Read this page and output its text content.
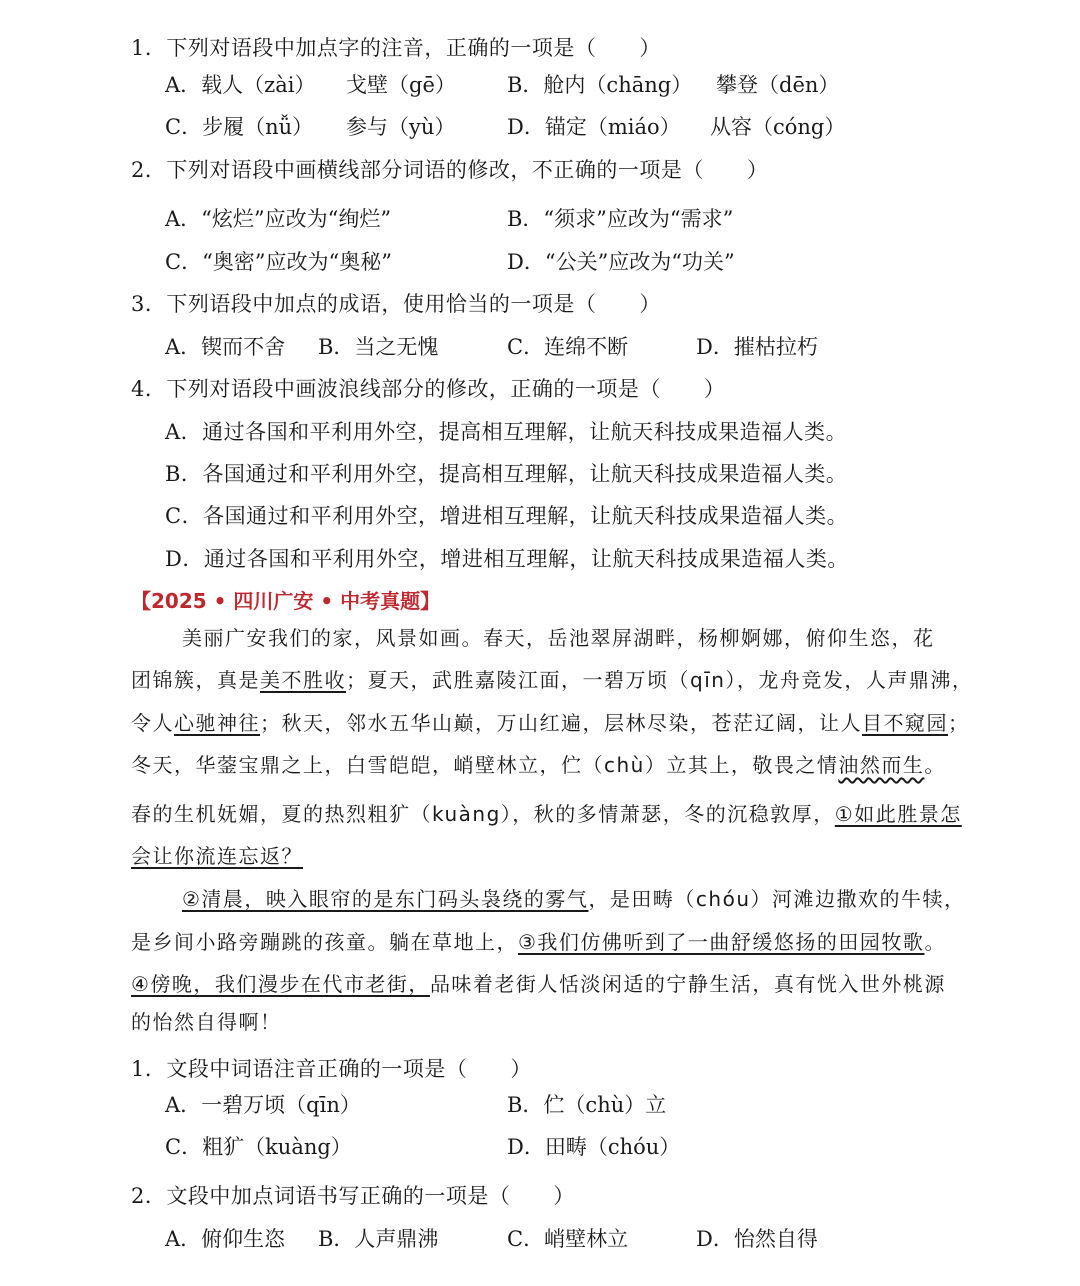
1．下列对语段中加点字的注音，正确的一项是（　　）
A．载人（zài） 戈壁（gē） B．舱内（chāng） 攀登（dēn）
C．步履（nǚ） 参与（yù） D．锚定（miáo） 从容（cóng）
2．下列对语段中画横线部分词语的修改，不正确的一项是（　　）
A．“炫烂”应改为“绚烂”	B．“须求”应改为“需求”
C．“奥密”应改为“奥秘”	D．“公关”应改为“功关”
3．下列语段中加点的成语，使用恰当的一项是（　　）
A．锲而不舍 B．当之无愧	C．连绵不断	D．摧枯拉朽
4．下列对语段中画波浪线部分的修改，正确的一项是（　　）
A．通过各国和平利用外空，提高相互理解，让航天科技成果造福人类。
B．各国通过和平利用外空，提高相互理解，让航天科技成果造福人类。
C．各国通过和平利用外空，增进相互理解，让航天科技成果造福人类。
D．通过各国和平利用外空，增进相互理解，让航天科技成果造福人类。
【2025 • 四川广安 • 中考真题】
美丽广安我们的家，风景如画。春天，岳池翠屏湖畔，杨柳婀娜，俯仰生恣，花
团锦簇，真是美不胜收；夏天，武胜嘉陵江面，一碧万顷（qīn），龙舟竞发，人声鼎沸，
令人心驰神往；秋天，邻水五华山巅，万山红遍，层林尽染，苍茫辽阔，让人目不窥园；
冬天，华蓥宝鼎之上，白雪皑皑，峭壁林立，伫（chù）立其上，敬畏之情油然而生。
春的生机妩媚，夏的热烈粗犷（kuàng），秋的多情萧瑟，冬的沉稳敦厚，①如此胜景怎
会让你流连忘返？
②清晨，映入眼帘的是东门码头袅绕的雾气，是田畴（chóu）河滩边撒欢的牛犊，
是乡间小路旁蹦跳的孩童。躺在草地上，③我们仿佛听到了一曲舒缓悠扬的田园牧歌。
④傍晚，我们漫步在代市老街，品味着老街人恬淡闲适的宁静生活，真有恍入世外桃源
的怡然自得啊！
1．文段中词语注音正确的一项是（　　）
A．一碧万顷（qīn）	B．伫（chù）立
C．粗犷（kuàng）	D．田畴（chóu）
2．文段中加点词语书写正确的一项是（　　）
A．俯仰生恣 B．人声鼎沸	C．峭壁林立	D．怡然自得
